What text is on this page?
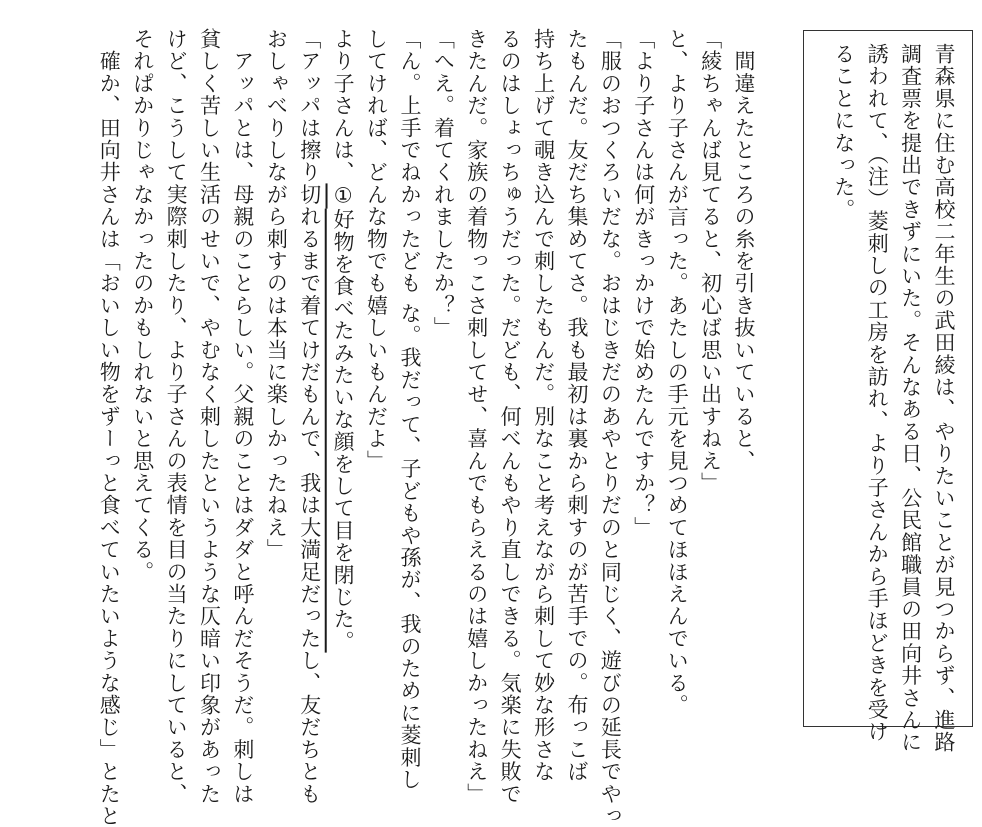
青森県に住む高校二年生の武田綾は、やりたいことが見つからず、進路
調査票を提出できずにいた。そんなある日、公民館職員の田向井さんに
誘われて、（注）菱刺しの工房を訪れ、より子さんから手ほどきを受け
ることになった。
　間違えたところの糸を引き抜いていると、
「綾ちゃんば見てると、初心ば思い出すねえ」
と、より子さんが言った。あたしの手元を見つめてほほえんでいる。
「より子さんは何がきっかけで始めたんですか？」
「服のおつくろいだな。おはじきだのあやとりだのと同じく、遊びの延長でやっ
たもんだ。友だち集めてさ。我も最初は裏から刺すのが苦手での。布っこば
持ち上げて覗き込んで刺したもんだ。別なこと考えながら刺して妙な形さな
るのはしょっちゅうだった。だども、何べんもやり直しできる。気楽に失敗で
きたんだ。家族の着物っこさ刺してせ、喜んでもらえるのは嬉しかったねえ」
「へえ。着てくれましたか？」
「ん。上手でねかったども な。我だって、子どもや孫が、我のために菱刺し
してければ、どんな物でも嬉しいもんだよ」
より子さんは、①好物を食べたみたいな顔をして目を閉じた。
「アッパは擦り切れるまで着てけだもんで、我は大満足だったし、友だちとも
おしゃべりしながら刺すのは本当に楽しかったねえ」
　アッパとは、母親のことらしい。父親のことはダダと呼んだそうだ。刺しは
貧しく苦しい生活のせいで、やむなく刺したというような仄暗い印象があった
けど、こうして実際刺したり、より子さんの表情を目の当たりにしていると、
それぱかりじゃなかったのかもしれないと思えてくる。
　確か、田向井さんは「おいしい物をずーっと食べていたいような感じ」とたと
